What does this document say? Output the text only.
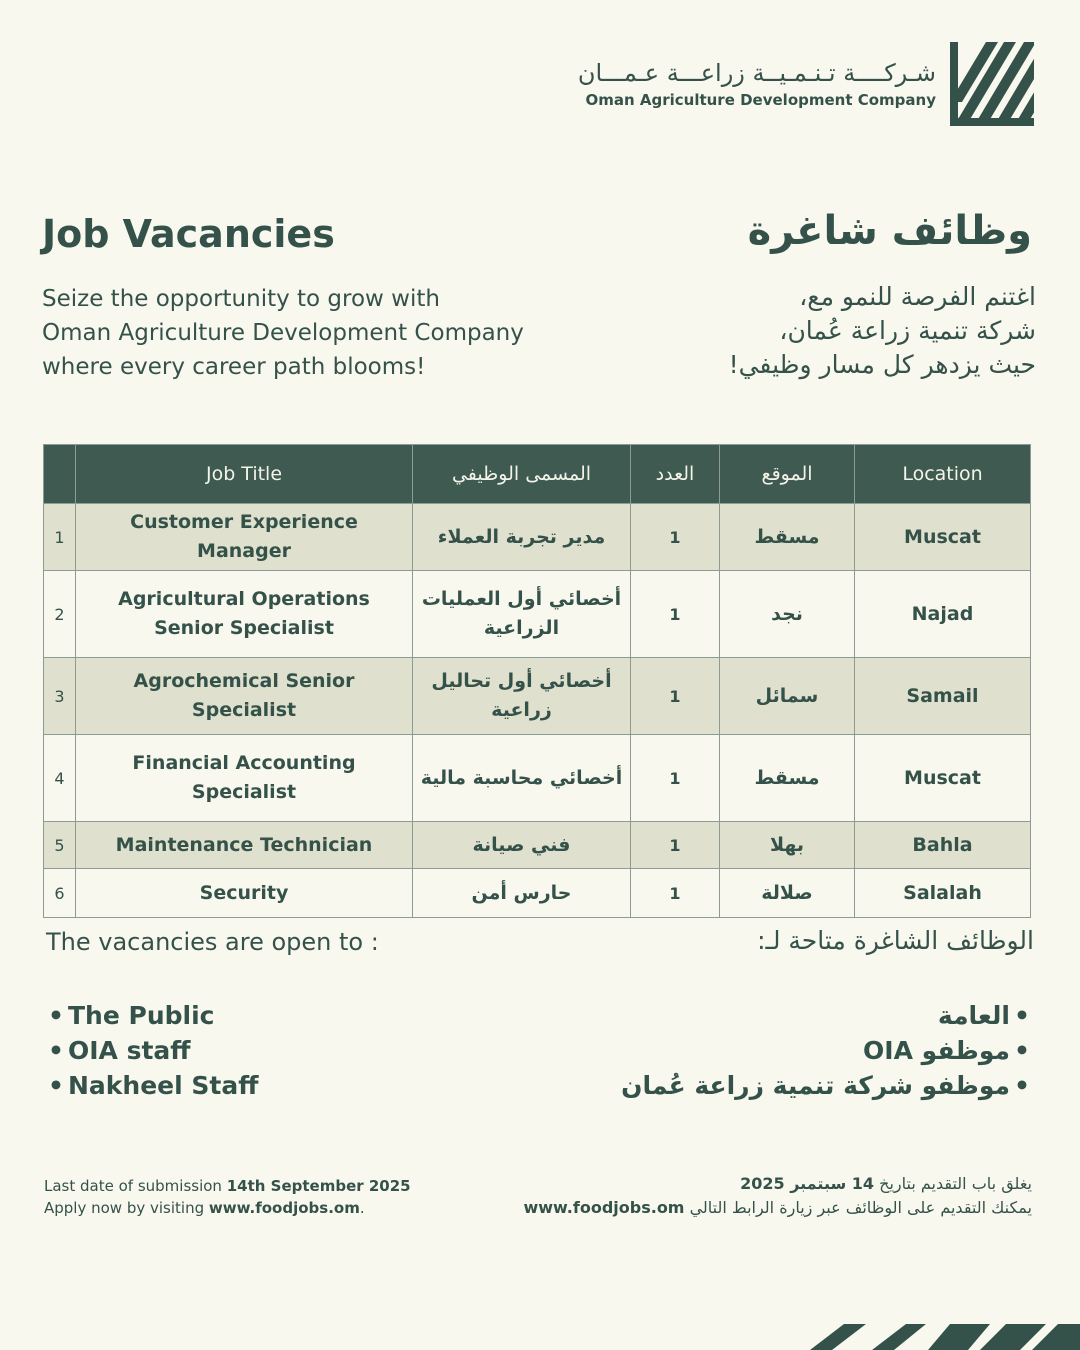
شـركــــة تـنـمـيــة زراعـــة عـمـــان
Oman Agriculture Development Company
Job Vacancies	وظائف شاغرة
Seize the opportunity to grow with
Oman Agriculture Development Company
where every career path blooms!
اغتنم الفرصة للنمو مع،
شركة تنمية زراعة عُمان،
حيث يزدهر كل مسار وظيفي!
	Job Title	المسمى الوظيفي	العدد	الموقع	Location
1	Customer Experience Manager	مدير تجربة العملاء	1	مسقط	Muscat
2	Agricultural Operations Senior Specialist	أخصائي أول العمليات الزراعية	1	نجد	Najad
3	Agrochemical Senior Specialist	أخصائي أول تحاليل زراعية	1	سمائل	Samail
4	Financial Accounting Specialist	أخصائي محاسبة مالية	1	مسقط	Muscat
5	Maintenance Technician	فني صيانة	1	بهلا	Bahla
6	Security	حارس أمن	1	صلالة	Salalah
The vacancies are open to :	الوظائف الشاغرة متاحة لـ:
• The Public
• OIA staff
• Nakheel Staff
•العامة
•موظفو OIA
•موظفو شركة تنمية زراعة عُمان
Last date of submission 14th September 2025
Apply now by visiting www.foodjobs.om.
يغلق باب التقديم بتاريخ 14 سبتمبر 2025
يمكنك التقديم على الوظائف عبر زيارة الرابط التالي www.foodjobs.om
